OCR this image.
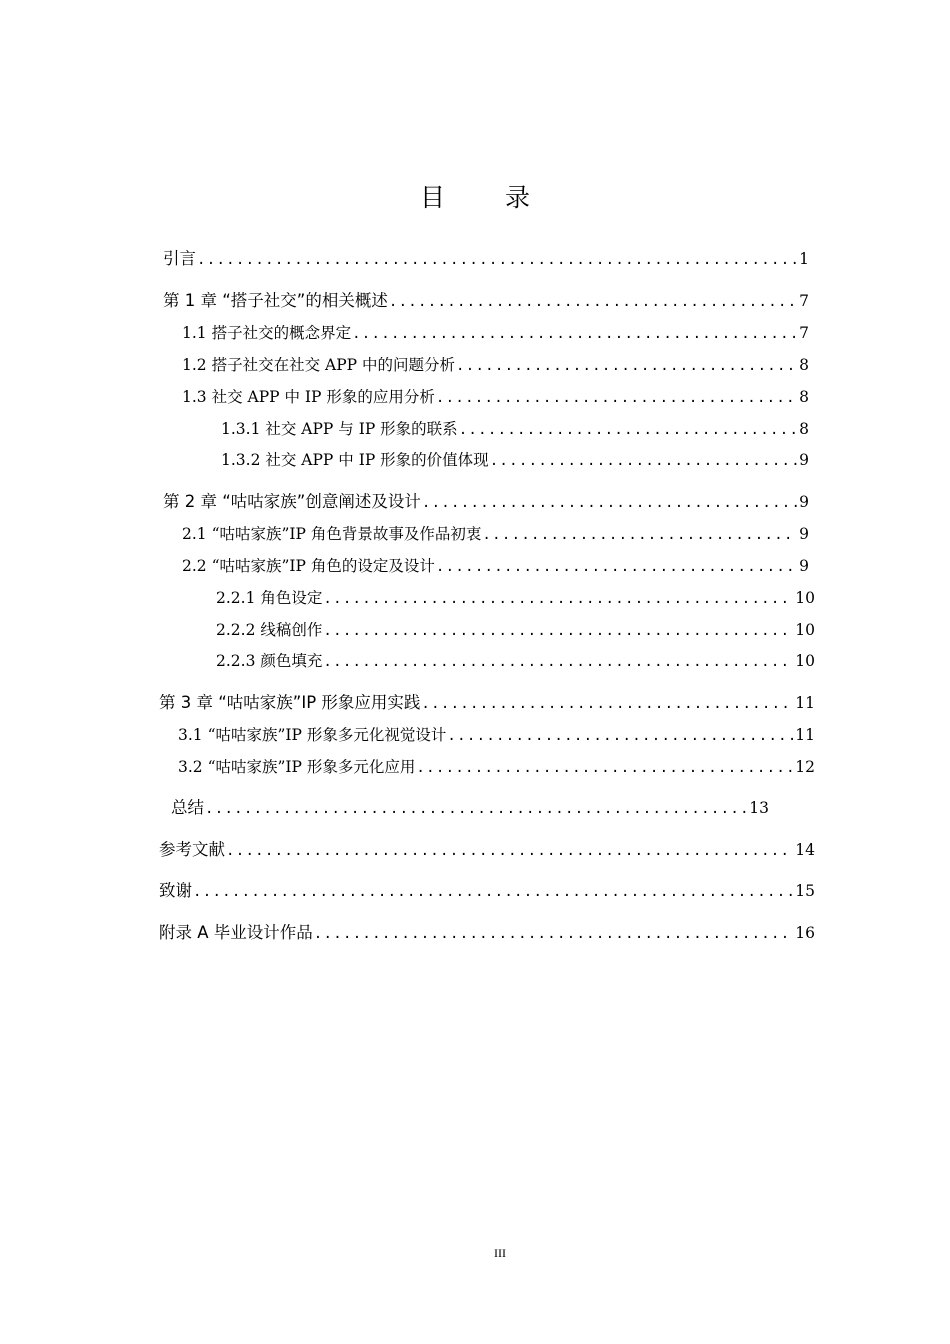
目 录
引言 .....	1
第 1 章 “搭子社交”的相关概述 .....	7
1.1 搭子社交的概念界定 .....	7
1.2 搭子社交在社交 APP 中的问题分析 .....	8
1.3 社交 APP 中 IP 形象的应用分析 .....	8
1.3.1 社交 APP 与 IP 形象的联系 .....	8
1.3.2 社交 APP 中 IP 形象的价值体现 .....	9
第 2 章 “咕咕家族”创意阐述及设计 .....	9
2.1 “咕咕家族”IP 角色背景故事及作品初衷 .....	9
2.2 “咕咕家族”IP 角色的设定及设计 .....	9
2.2.1 角色设定 .....	10
2.2.2 线稿创作 .....	10
2.2.3 颜色填充 .....	10
第 3 章 “咕咕家族”IP 形象应用实践 .....	11
3.1 “咕咕家族”IP 形象多元化视觉设计 .....	11
3.2 “咕咕家族”IP 形象多元化应用 .....	12
总结 .....	13
参考文献 .....	14
致谢 .....	15
附录 A 毕业设计作品 .....	16
III
